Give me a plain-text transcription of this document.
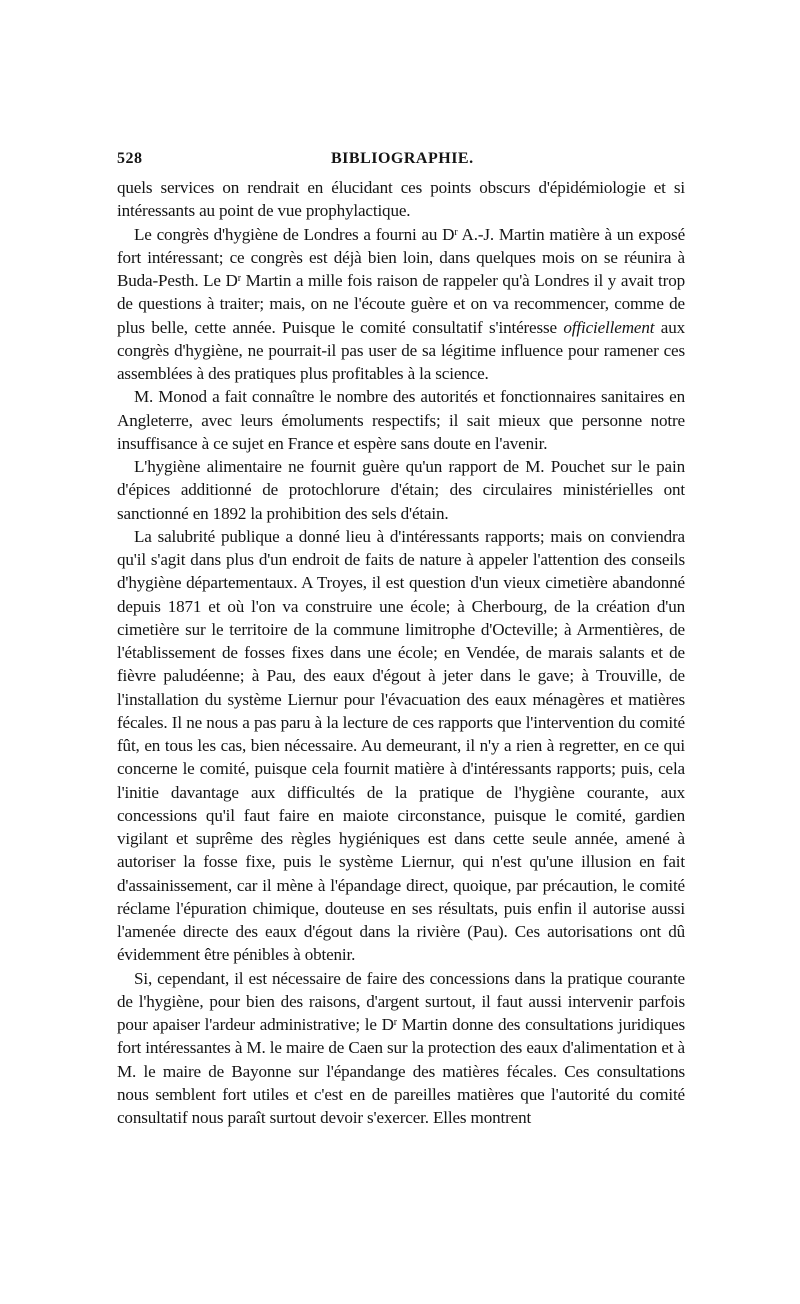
528	BIBLIOGRAPHIE.

quels services on rendrait en élucidant ces points obscurs d'épidémiologie et si intéressants au point de vue prophylactique.

Le congrès d'hygiène de Londres a fourni au $D^r$ A.-J. Martin matière à un exposé fort intéressant; ce congrès est déjà bien loin, dans quelques mois on se réunira à Buda-Pesth. Le $D^r$ Martin a mille fois raison de rappeler qu'à Londres il y avait trop de questions à traiter; mais, on ne l'écoute guère et on va recommencer, comme de plus belle, cette année. Puisque le comité consultatif s'intéresse officiellement aux congrès d'hygiène, ne pourrait-il pas user de sa légitime influence pour ramener ces assemblées à des pratiques plus profitables à la science.

M. Monod a fait connaître le nombre des autorités et fonctionnaires sanitaires en Angleterre, avec leurs émoluments respectifs; il sait mieux que personne notre insuffisance à ce sujet en France et espère sans doute en l'avenir.

L'hygiène alimentaire ne fournit guère qu'un rapport de M. Pouchet sur le pain d'épices additionné de protochlorure d'étain; des circulaires ministérielles ont sanctionné en 1892 la prohibition des sels d'étain.

La salubrité publique a donné lieu à d'intéressants rapports; mais on conviendra qu'il s'agit dans plus d'un endroit de faits de nature à appeler l'attention des conseils d'hygiène départementaux. A Troyes, il est question d'un vieux cimetière abandonné depuis 1871 et où l'on va construire une école; à Cherbourg, de la création d'un cimetière sur le territoire de la commune limitrophe d'Octeville; à Armentières, de l'établissement de fosses fixes dans une école; en Vendée, de marais salants et de fièvre paludéenne; à Pau, des eaux d'égout à jeter dans le gave; à Trouville, de l'installation du système Liernur pour l'évacuation des eaux ménagères et matières fécales. Il ne nous a pas paru à la lecture de ces rapports que l'intervention du comité fût, en tous les cas, bien nécessaire. Au demeurant, il n'y a rien à regretter, en ce qui concerne le comité, puisque cela fournit matière à d'intéressants rapports; puis, cela l'initie davantage aux difficultés de la pratique de l'hygiène courante, aux concessions qu'il faut faire en maiote circonstance, puisque le comité, gardien vigilant et suprême des règles hygiéniques est dans cette seule année, amené à autoriser la fosse fixe, puis le système Liernur, qui n'est qu'une illusion en fait d'assainissement, car il mène à l'épandage direct, quoique, par précaution, le comité réclame l'épuration chimique, douteuse en ses résultats, puis enfin il autorise aussi l'amenée directe des eaux d'égout dans la rivière (Pau). Ces autorisations ont dû évidemment être pénibles à obtenir.

Si, cependant, il est nécessaire de faire des concessions dans la pratique courante de l'hygiène, pour bien des raisons, d'argent surtout, il faut aussi intervenir parfois pour apaiser l'ardeur administrative; le $D^r$ Martin donne des consultations juridiques fort intéressantes à M. le maire de Caen sur la protection des eaux d'alimentation et à M. le maire de Bayonne sur l'épandange des matières fécales. Ces consultations nous semblent fort utiles et c'est en de pareilles matières que l'autorité du comité consultatif nous paraît surtout devoir s'exercer. Elles montrent
